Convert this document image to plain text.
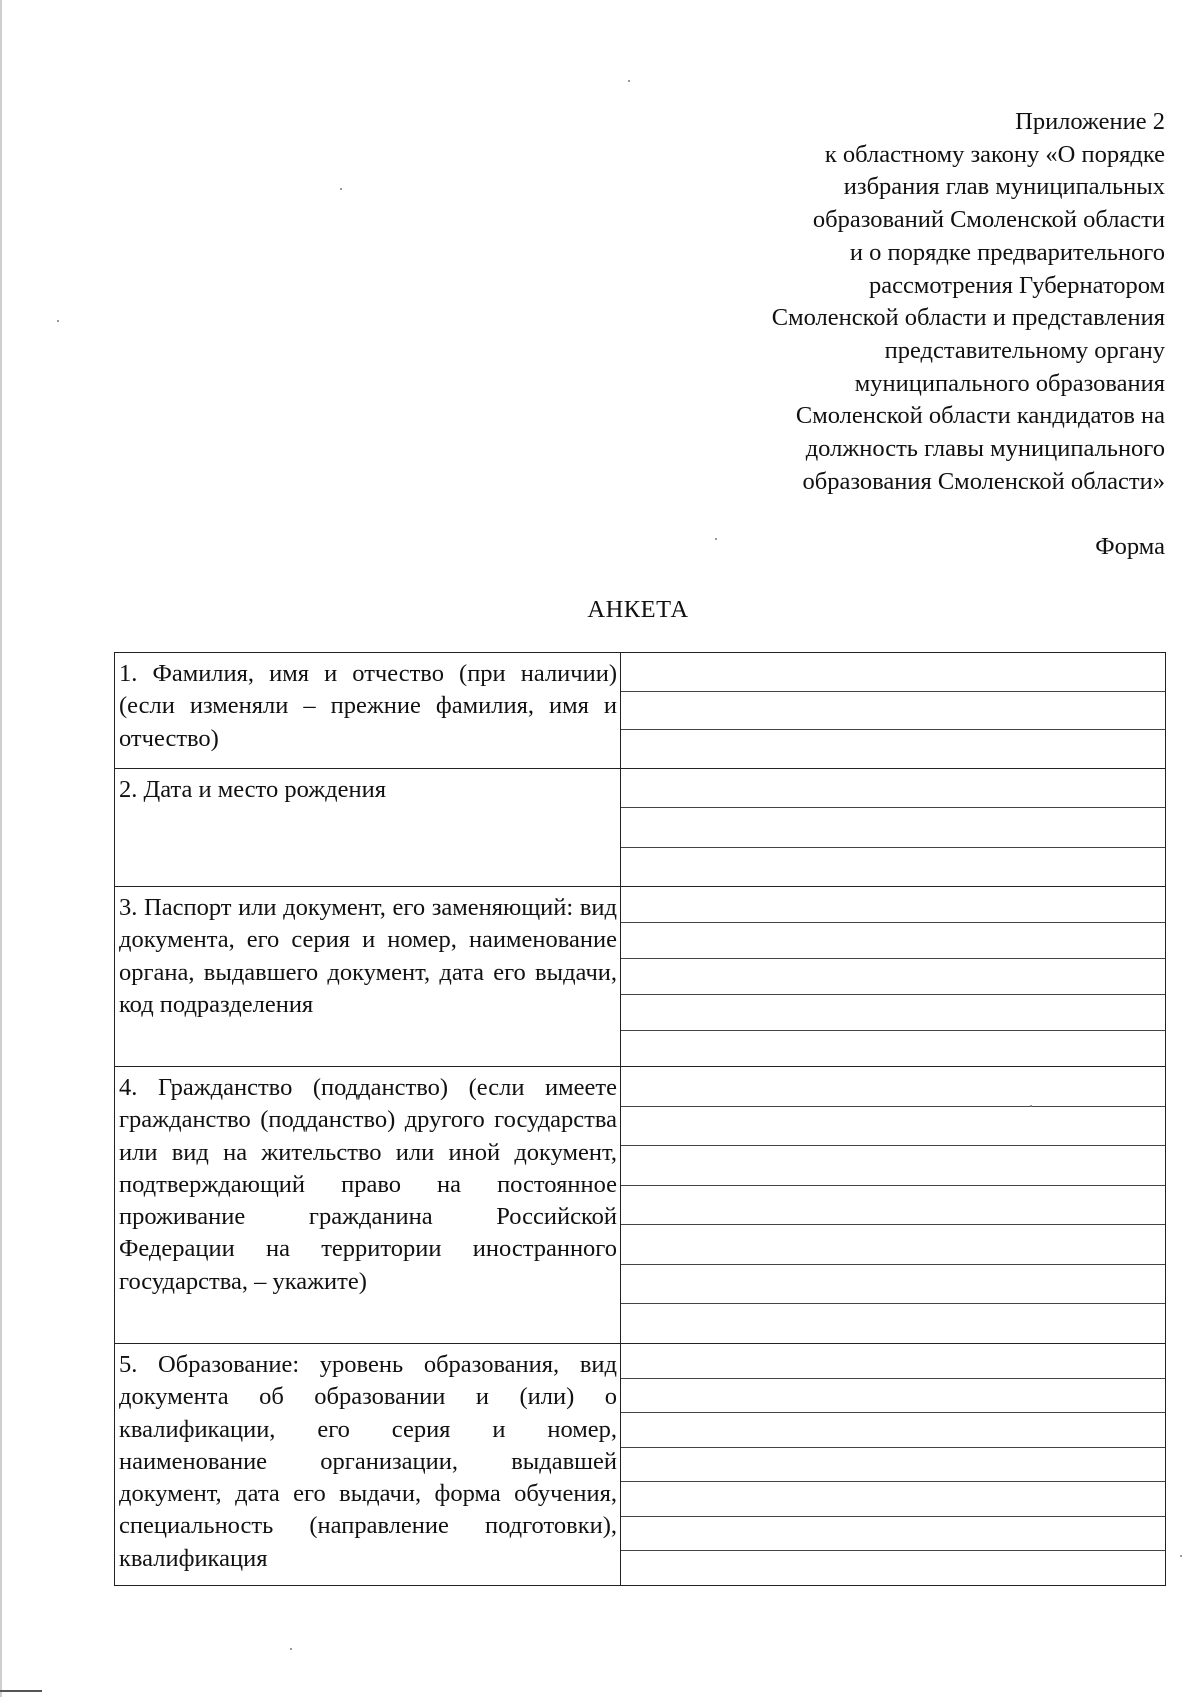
Приложение 2
к областному закону «О порядке
избрания глав муниципальных
образований Смоленской области
и о порядке предварительного
рассмотрения Губернатором
Смоленской области и представления
представительному органу
муниципального образования
Смоленской области кандидатов на
должность главы муниципального
образования Смоленской области»
Форма
АНКЕТА
1. Фамилия, имя и отчество (при наличии) (если изменяли – прежние фамилия, имя и отчество)
2. Дата и место рождения
3. Паспорт или документ, его заменяющий: вид документа, его серия и номер, наименование органа, выдавшего документ, дата его выдачи, код подразделения
4. Гражданство (подданство) (если имеете гражданство (подданство) другого государства или вид на жительство или иной документ, подтверждающий право на постоянное проживание гражданина Российской Федерации на территории иностранного государства, – укажите)
5. Образование: уровень образования, вид документа об образовании и (или) о квалификации, его серия и номер, наименование организации, выдавшей документ, дата его выдачи, форма обучения, специальность (направление подготовки), квалификация
